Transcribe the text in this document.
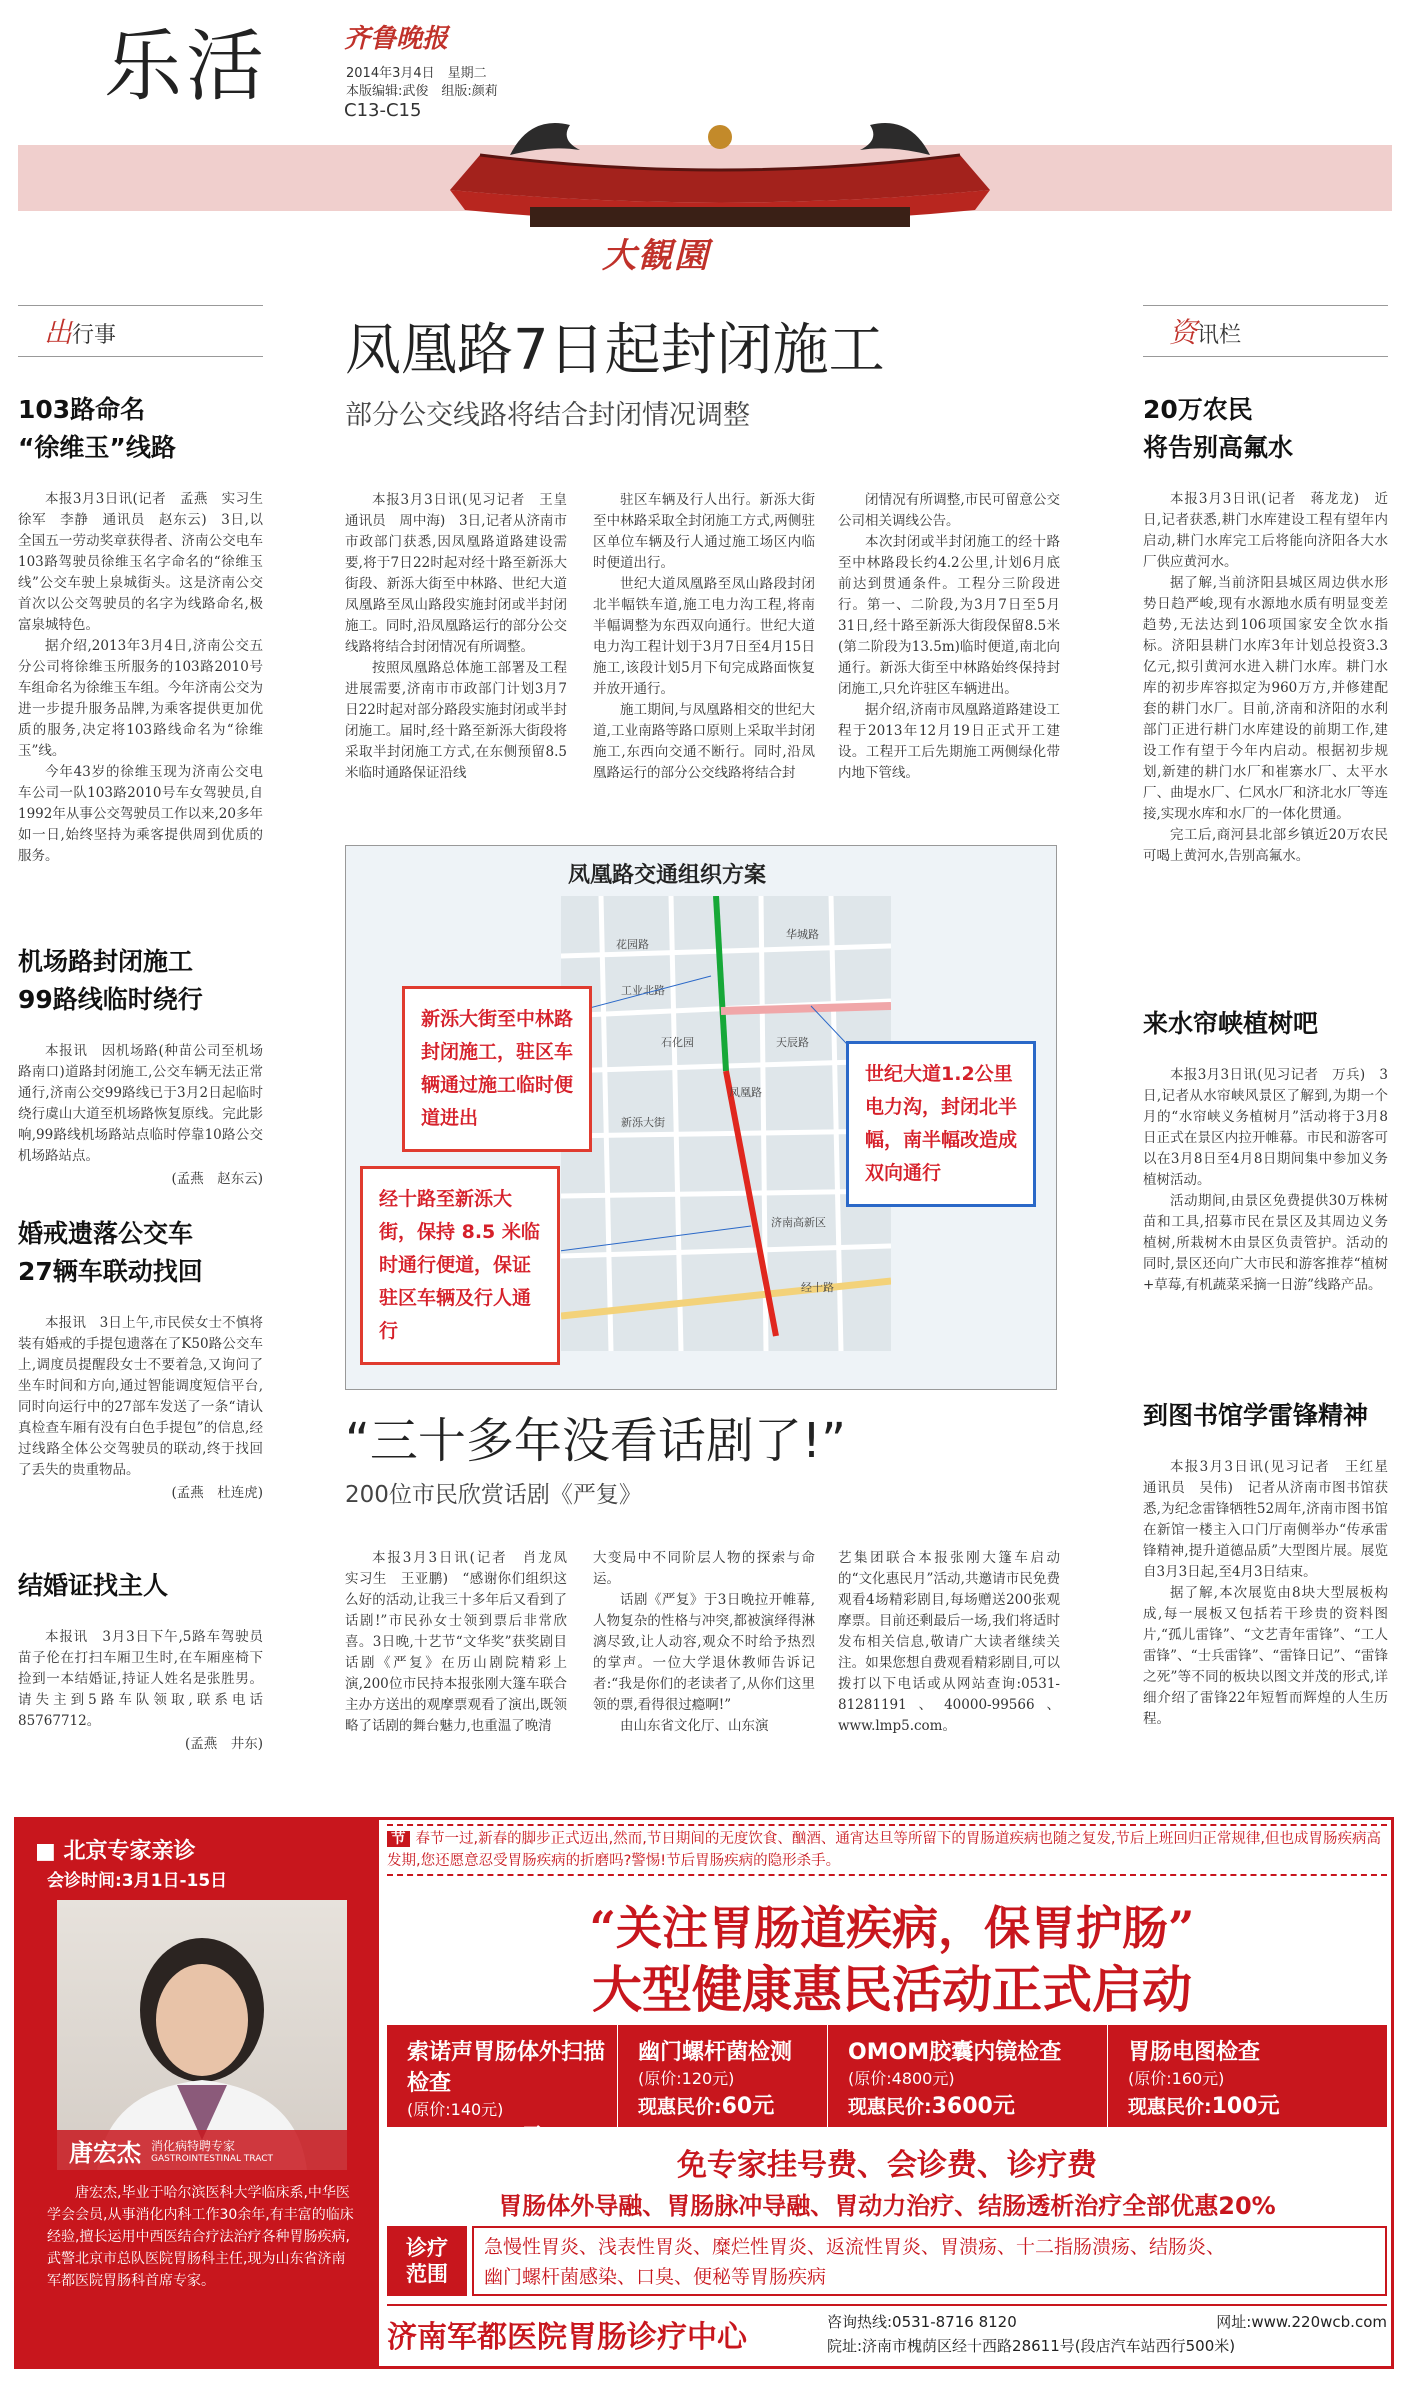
乐活	齐鲁晚报
2014年3月4日　星期二
本版编辑:武俊　组版:颜莉
C13-C15
大観園
出行事
103路命名
“徐维玉”线路

本报3月3日讯(记者　孟燕　实习生　徐军　李静　通讯员　赵东云)　3日,以全国五一劳动奖章获得者、济南公交电车103路驾驶员徐维玉名字命名的“徐维玉线”公交车驶上泉城街头。这是济南公交首次以公交驾驶员的名字为线路命名,极富泉城特色。

据介绍,2013年3月4日,济南公交五分公司将徐维玉所服务的103路2010号车组命名为徐维玉车组。今年济南公交为进一步提升服务品牌,为乘客提供更加优质的服务,决定将103路线命名为“徐维玉”线。

今年43岁的徐维玉现为济南公交电车公司一队103路2010号车女驾驶员,自1992年从事公交驾驶员工作以来,20多年如一日,始终坚持为乘客提供周到优质的服务。

机场路封闭施工
99路线临时绕行

本报讯　因机场路(种苗公司至机场路南口)道路封闭施工,公交车辆无法正常通行,济南公交99路线已于3月2日起临时绕行虞山大道至机场路恢复原线。完此影响,99路线机场路站点临时停靠10路公交机场路站点。

(孟燕　赵东云)
婚戒遗落公交车
27辆车联动找回

本报讯　3日上午,市民侯女士不慎将装有婚戒的手提包遗落在了K50路公交车上,调度员提醒段女士不要着急,又询问了坐车时间和方向,通过智能调度短信平台,同时向运行中的27部车发送了一条“请认真检查车厢有没有白色手提包”的信息,经过线路全体公交驾驶员的联动,终于找回了丢失的贵重物品。

(孟燕　杜连虎)
结婚证找主人

本报讯　3月3日下午,5路车驾驶员苗子伦在打扫车厢卫生时,在车厢座椅下捡到一本结婚证,持证人姓名是张胜男。请失主到5路车队领取,联系电话85767712。

(孟燕　井东)
凤凰路7日起封闭施工
部分公交线路将结合封闭情况调整

本报3月3日讯(见习记者　王皇　通讯员　周中海)　3日,记者从济南市市政部门获悉,因凤凰路道路建设需要,将于7日22时起对经十路至新泺大街段、新泺大街至中林路、世纪大道凤凰路至凤山路段实施封闭或半封闭施工。同时,沿凤凰路运行的部分公交线路将结合封闭情况有所调整。

按照凤凰路总体施工部署及工程进展需要,济南市市政部门计划3月7日22时起对部分路段实施封闭或半封闭施工。届时,经十路至新泺大街段将采取半封闭施工方式,在东侧预留8.5米临时通路保证沿线

驻区车辆及行人出行。新泺大街至中林路采取全封闭施工方式,两侧驻区单位车辆及行人通过施工场区内临时便道出行。

世纪大道凤凰路至凤山路段封闭北半幅铁车道,施工电力沟工程,将南半幅调整为东西双向通行。世纪大道电力沟工程计划于3月7日至4月15日施工,该段计划5月下旬完成路面恢复并放开通行。

施工期间,与凤凰路相交的世纪大道,工业南路等路口原则上采取半封闭施工,东西向交通不断行。同时,沿凤凰路运行的部分公交线路将结合封

闭情况有所调整,市民可留意公交公司相关调线公告。

本次封闭或半封闭施工的经十路至中林路段长约4.2公里,计划6月底前达到贯通条件。工程分三阶段进行。第一、二阶段,为3月7日至5月31日,经十路至新泺大街段保留8.5米(第二阶段为13.5m)临时便道,南北向通行。新泺大街至中林路始终保持封闭施工,只允许驻区车辆进出。

据介绍,济南市凤凰路道路建设工程于2013年12月19日正式开工建设。工程开工后先期施工两侧绿化带内地下管线。

花园路
华城路
工业北路
石化园	天辰路
新泺大街
济南高新区
经十路
凤凰路
凤凰路交通组织方案
新泺大街至中林路封闭施工，驻区车辆通过施工临时便道进出
经十路至新泺大街，保持 8.5 米临时通行便道，保证驻区车辆及行人通行
世纪大道1.2公里电力沟，封闭北半幅，南半幅改造成双向通行
“三十多年没看话剧了!”
200位市民欣赏话剧《严复》

本报3月3日讯(记者　肖龙凤　实习生　王亚鹏)　“感谢你们组织这么好的活动,让我三十多年后又看到了话剧!”市民孙女士领到票后非常欣喜。3日晚,十艺节“文华奖”获奖剧目话剧《严复》在历山剧院精彩上演,200位市民持本报张刚大篷车联合主办方送出的观摩票观看了演出,既领略了话剧的舞台魅力,也重温了晚清

大变局中不同阶层人物的探索与命运。

话剧《严复》于3日晚拉开帷幕,人物复杂的性格与冲突,都被演绎得淋漓尽致,让人动容,观众不时给予热烈的掌声。一位大学退休教师告诉记者:“我是你们的老读者了,从你们这里领的票,看得很过瘾啊!”

由山东省文化厅、山东演

艺集团联合本报张刚大篷车启动的“文化惠民月”活动,共邀请市民免费观看4场精彩剧目,每场赠送200张观摩票。目前还剩最后一场,我们将适时发布相关信息,敬请广大读者继续关注。如果您想自费观看精彩剧目,可以拨打以下电话或从网站查询:0531-81281191、40000-99566、www.lmp5.com。

资讯栏
20万农民
将告别高氟水

本报3月3日讯(记者　蒋龙龙)　近日,记者获悉,耕门水库建设工程有望年内启动,耕门水库完工后将能向济阳各大水厂供应黄河水。

据了解,当前济阳县城区周边供水形势日趋严峻,现有水源地水质有明显变差趋势,无法达到106项国家安全饮水指标。济阳县耕门水库3年计划总投资3.3亿元,拟引黄河水进入耕门水库。耕门水库的初步库容拟定为960万方,并修建配套的耕门水厂。目前,济南和济阳的水利部门正进行耕门水库建设的前期工作,建设工作有望于今年内启动。根据初步规划,新建的耕门水厂和崔寨水厂、太平水厂、曲堤水厂、仁风水厂和济北水厂等连接,实现水库和水厂的一体化贯通。

完工后,商河县北部乡镇近20万农民可喝上黄河水,告别高氟水。

来水帘峡植树吧

本报3月3日讯(见习记者　万兵)　3日,记者从水帘峡风景区了解到,为期一个月的“水帘峡义务植树月”活动将于3月8日正式在景区内拉开帷幕。市民和游客可以在3月8日至4月8日期间集中参加义务植树活动。

活动期间,由景区免费提供30万株树苗和工具,招募市民在景区及其周边义务植树,所栽树木由景区负责管护。活动的同时,景区还向广大市民和游客推荐“植树+草莓,有机蔬菜采摘一日游”线路产品。

到图书馆学雷锋精神

本报3月3日讯(见习记者　王红星　通讯员　吴伟)　记者从济南市图书馆获悉,为纪念雷锋牺牲52周年,济南市图书馆在新馆一楼主入口门厅南侧举办“传承雷锋精神,提升道德品质”大型图片展。展览自3月3日起,至4月3日结束。

据了解,本次展览由8块大型展板构成,每一展板又包括若干珍贵的资料图片,“孤儿雷锋”、“文艺青年雷锋”、“工人雷锋”、“士兵雷锋”、“雷锋日记”、“雷锋之死”等不同的板块以图文并茂的形式,详细介绍了雷锋22年短暂而辉煌的人生历程。

■ 北京专家亲诊
会诊时间:3月1日-15日
唐宏杰 消化病特聘专家
GASTROINTESTINAL TRACT
唐宏杰,毕业于哈尔滨医科大学临床系,中华医学会会员,从事消化内科工作30余年,有丰富的临床经验,擅长运用中西医结合疗法治疗各种胃肠疾病,武警北京市总队医院胃肠科主任,现为山东省济南军都医院胃肠科首席专家。
节 春节一过,新春的脚步正式迈出,然而,节日期间的无度饮食、酗酒、通宵达旦等所留下的胃肠道疾病也随之复发,节后上班回归正常规律,但也成胃肠疾病高发期,您还愿意忍受胃肠疾病的折磨吗?警惕!节后胃肠疾病的隐形杀手。
“关注胃肠道疾病，保胃护肠”
大型健康惠民活动正式启动
索诺声胃肠体外扫描检查
(原价:140元)
现惠民价:80元
幽门螺杆菌检测
(原价:120元)
现惠民价:60元
OMOM胶囊内镜检查
(原价:4800元)
现惠民价:3600元
胃肠电图检查
(原价:160元)
现惠民价:100元
免专家挂号费、会诊费、诊疗费
胃肠体外导融、胃肠脉冲导融、胃动力治疗、结肠透析治疗全部优惠20%
诊疗范围
急慢性胃炎、浅表性胃炎、糜烂性胃炎、返流性胃炎、胃溃疡、十二指肠溃疡、结肠炎、
幽门螺杆菌感染、口臭、便秘等胃肠疾病
济南军都医院胃肠诊疗中心	咨询热线:0531-8716 8120	网址:www.220wcb.com
院址:济南市槐荫区经十西路28611号(段店汽车站西行500米)
